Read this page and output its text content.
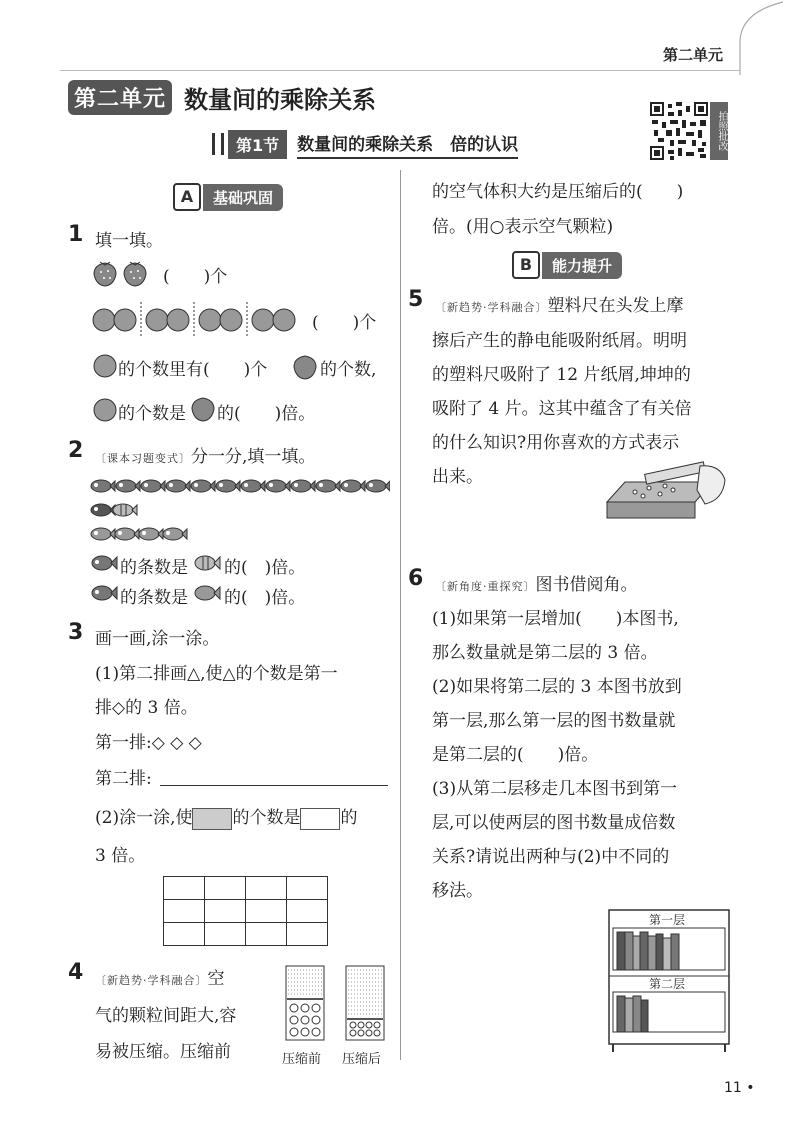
第二单元
第二单元 数量间的乘除关系
第1节	数量间的乘除关系　倍的认识	拍照批改
A	基础巩固
1 填一填。
(　　)个
(　　)个
的个数里有(　　)个	的个数,
的个数是 的(　　)倍。
2 〔课本习题变式〕分一分,填一填。
的条数是 的(　)倍。
的条数是 的(　)倍。
3 画一画,涂一涂。
(1)第二排画△,使△的个数是第一
排◇的 3 倍。
第一排:◇ ◇ ◇
第二排:
(2)涂一涂,使 的个数是 的
3 倍。

4 〔新趋势·学科融合〕空
气的颗粒间距大,容
易被压缩。压缩前	压缩前 压缩后
的空气体积大约是压缩后的(　　)
倍。(用○表示空气颗粒)
B	能力提升
5 〔新趋势·学科融合〕塑料尺在头发上摩
擦后产生的静电能吸附纸屑。明明
的塑料尺吸附了 12 片纸屑,坤坤的
吸附了 4 片。这其中蕴含了有关倍
的什么知识?用你喜欢的方式表示
出来。
6 〔新角度·重探究〕图书借阅角。
(1)如果第一层增加(　　)本图书,
那么数量就是第二层的 3 倍。
(2)如果将第二层的 3 本图书放到
第一层,那么第一层的图书数量就
是第二层的(　　)倍。
(3)从第二层移走几本图书到第一
层,可以使两层的图书数量成倍数
关系?请说出两种与(2)中不同的
移法。
第一层
第二层
11 •
